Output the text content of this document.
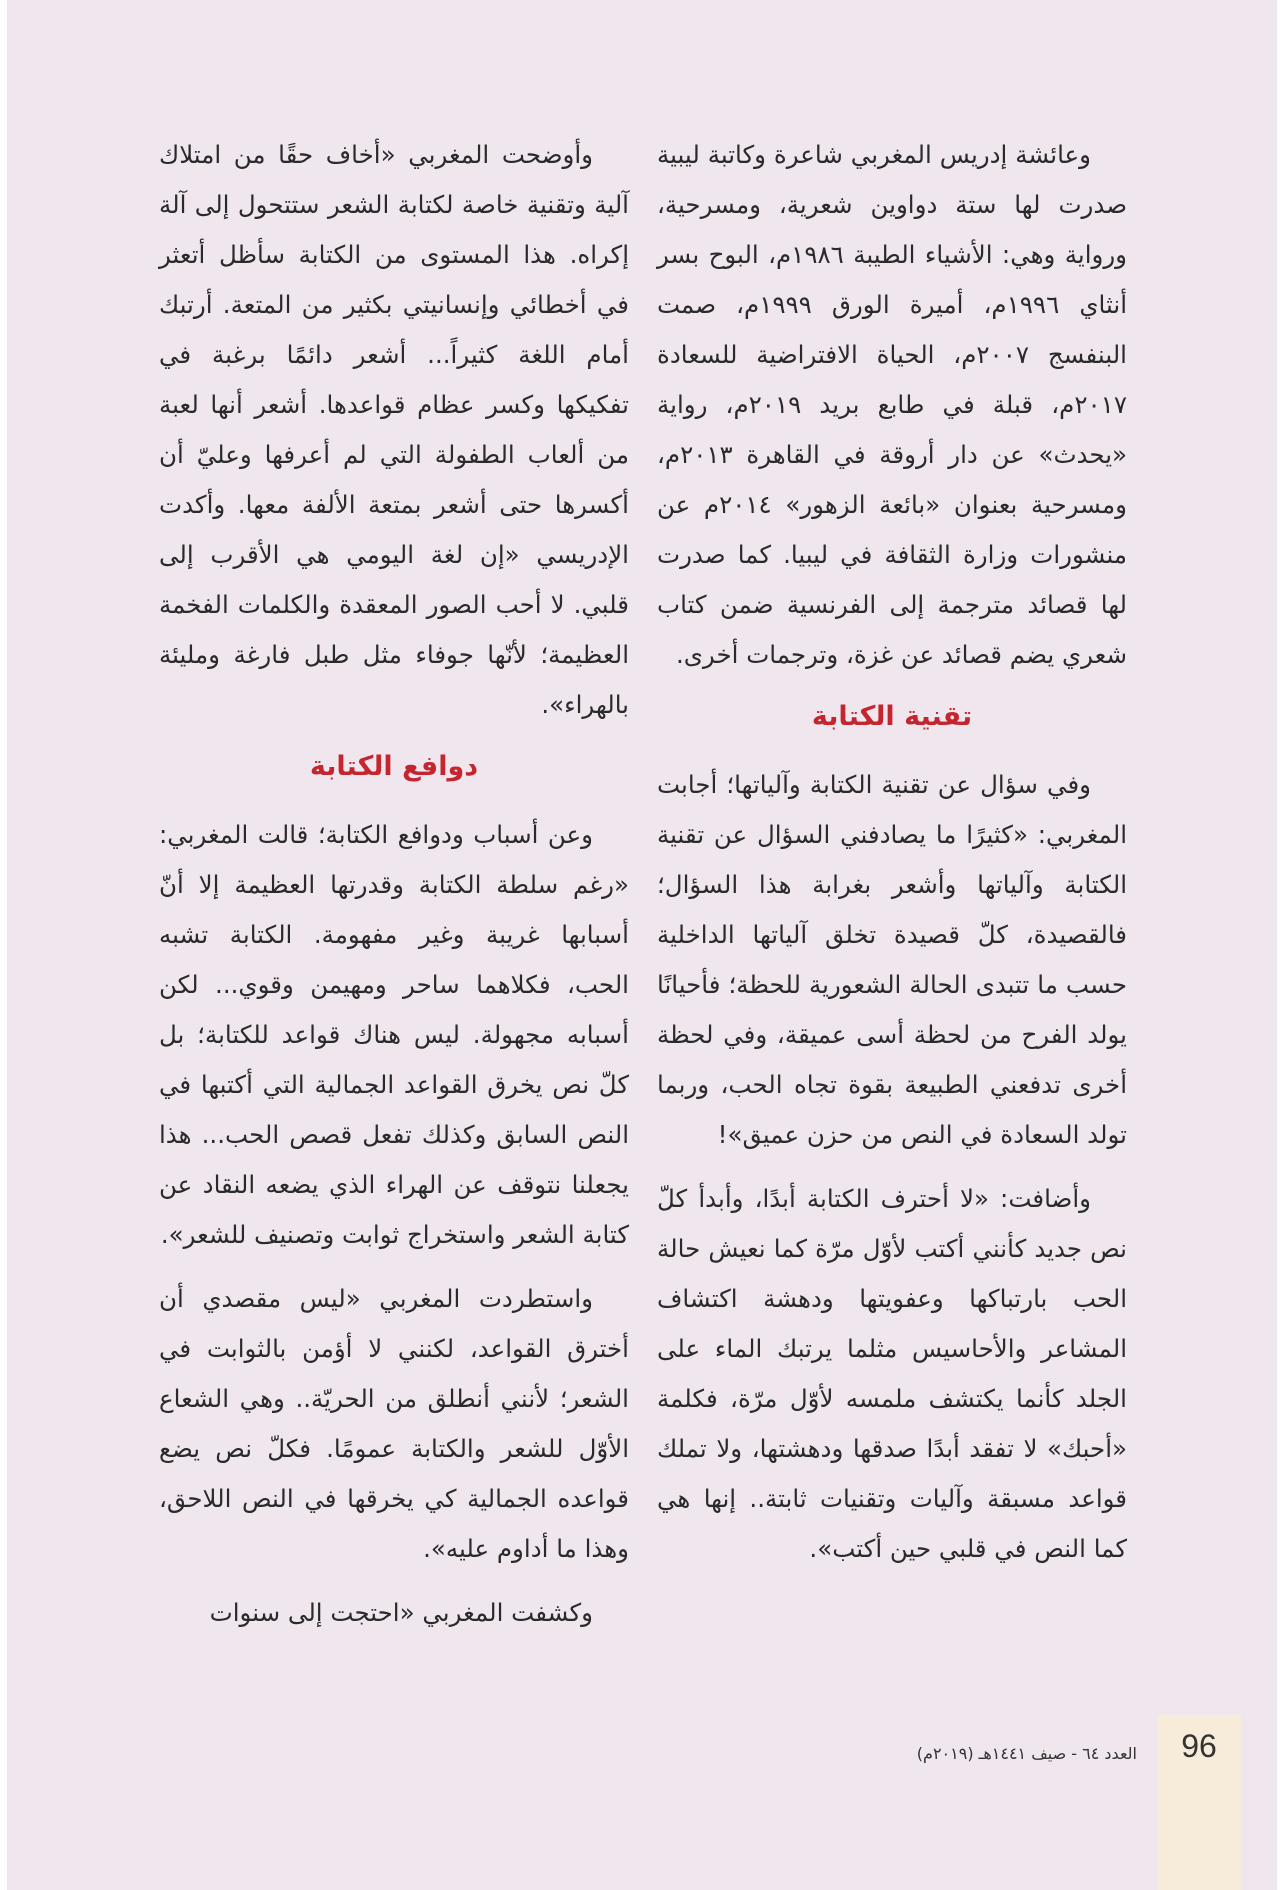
وعائشة إدريس المغربي شاعرة وكاتبة ليبية صدرت لها ستة دواوين شعرية، ومسرحية، ورواية وهي: الأشياء الطيبة ١٩٨٦م، البوح بسر أنثاي ١٩٩٦م، أميرة الورق ١٩٩٩م، صمت البنفسج ٢٠٠٧م، الحياة الافتراضية للسعادة ٢٠١٧م، قبلة في طابع بريد ٢٠١٩م، رواية «يحدث» عن دار أروقة في القاهرة ٢٠١٣م، ومسرحية بعنوان «بائعة الزهور» ٢٠١٤م عن منشورات وزارة الثقافة في ليبيا. كما صدرت لها قصائد مترجمة إلى الفرنسية ضمن كتاب شعري يضم قصائد عن غزة، وترجمات أخرى.

تقنية الكتابة

وفي سؤال عن تقنية الكتابة وآلياتها؛ أجابت المغربي: «كثيرًا ما يصادفني السؤال عن تقنية الكتابة وآلياتها وأشعر بغرابة هذا السؤال؛ فالقصيدة، كلّ قصيدة تخلق آلياتها الداخلية حسب ما تتبدى الحالة الشعورية للحظة؛ فأحيانًا يولد الفرح من لحظة أسى عميقة، وفي لحظة أخرى تدفعني الطبيعة بقوة تجاه الحب، وربما تولد السعادة في النص من حزن عميق»!

وأضافت: «لا أحترف الكتابة أبدًا، وأبدأ كلّ نص جديد كأنني أكتب لأوّل مرّة كما نعيش حالة الحب بارتباكها وعفويتها ودهشة اكتشاف المشاعر والأحاسيس مثلما يرتبك الماء على الجلد كأنما يكتشف ملمسه لأوّل مرّة، فكلمة «أحبك» لا تفقد أبدًا صدقها ودهشتها، ولا تملك قواعد مسبقة وآليات وتقنيات ثابتة.. إنها هي كما النص في قلبي حين أكتب».

وأوضحت المغربي «أخاف حقًا من امتلاك آلية وتقنية خاصة لكتابة الشعر ستتحول إلى آلة إكراه. هذا المستوى من الكتابة سأظل أتعثر في أخطائي وإنسانيتي بكثير من المتعة. أرتبك أمام اللغة كثيراً... أشعر دائمًا برغبة في تفكيكها وكسر عظام قواعدها. أشعر أنها لعبة من ألعاب الطفولة التي لم أعرفها وعليّ أن أكسرها حتى أشعر بمتعة الألفة معها. وأكدت الإدريسي «إن لغة اليومي هي الأقرب إلى قلبي. لا أحب الصور المعقدة والكلمات الفخمة العظيمة؛ لأنّها جوفاء مثل طبل فارغة ومليئة بالهراء».

دوافع الكتابة

وعن أسباب ودوافع الكتابة؛ قالت المغربي: «رغم سلطة الكتابة وقدرتها العظيمة إلا أنّ أسبابها غريبة وغير مفهومة. الكتابة تشبه الحب، فكلاهما ساحر ومهيمن وقوي... لكن أسبابه مجهولة. ليس هناك قواعد للكتابة؛ بل كلّ نص يخرق القواعد الجمالية التي أكتبها في النص السابق وكذلك تفعل قصص الحب... هذا يجعلنا نتوقف عن الهراء الذي يضعه النقاد عن كتابة الشعر واستخراج ثوابت وتصنيف للشعر».

واستطردت المغربي «ليس مقصدي أن أخترق القواعد، لكنني لا أؤمن بالثوابت في الشعر؛ لأنني أنطلق من الحريّة.. وهي الشعاع الأوّل للشعر والكتابة عمومًا. فكلّ نص يضع قواعده الجمالية كي يخرقها في النص اللاحق، وهذا ما أداوم عليه».

وكشفت المغربي «احتجت إلى سنوات

96
العدد ٦٤ - صيف ١٤٤١هـ (٢٠١٩م)
